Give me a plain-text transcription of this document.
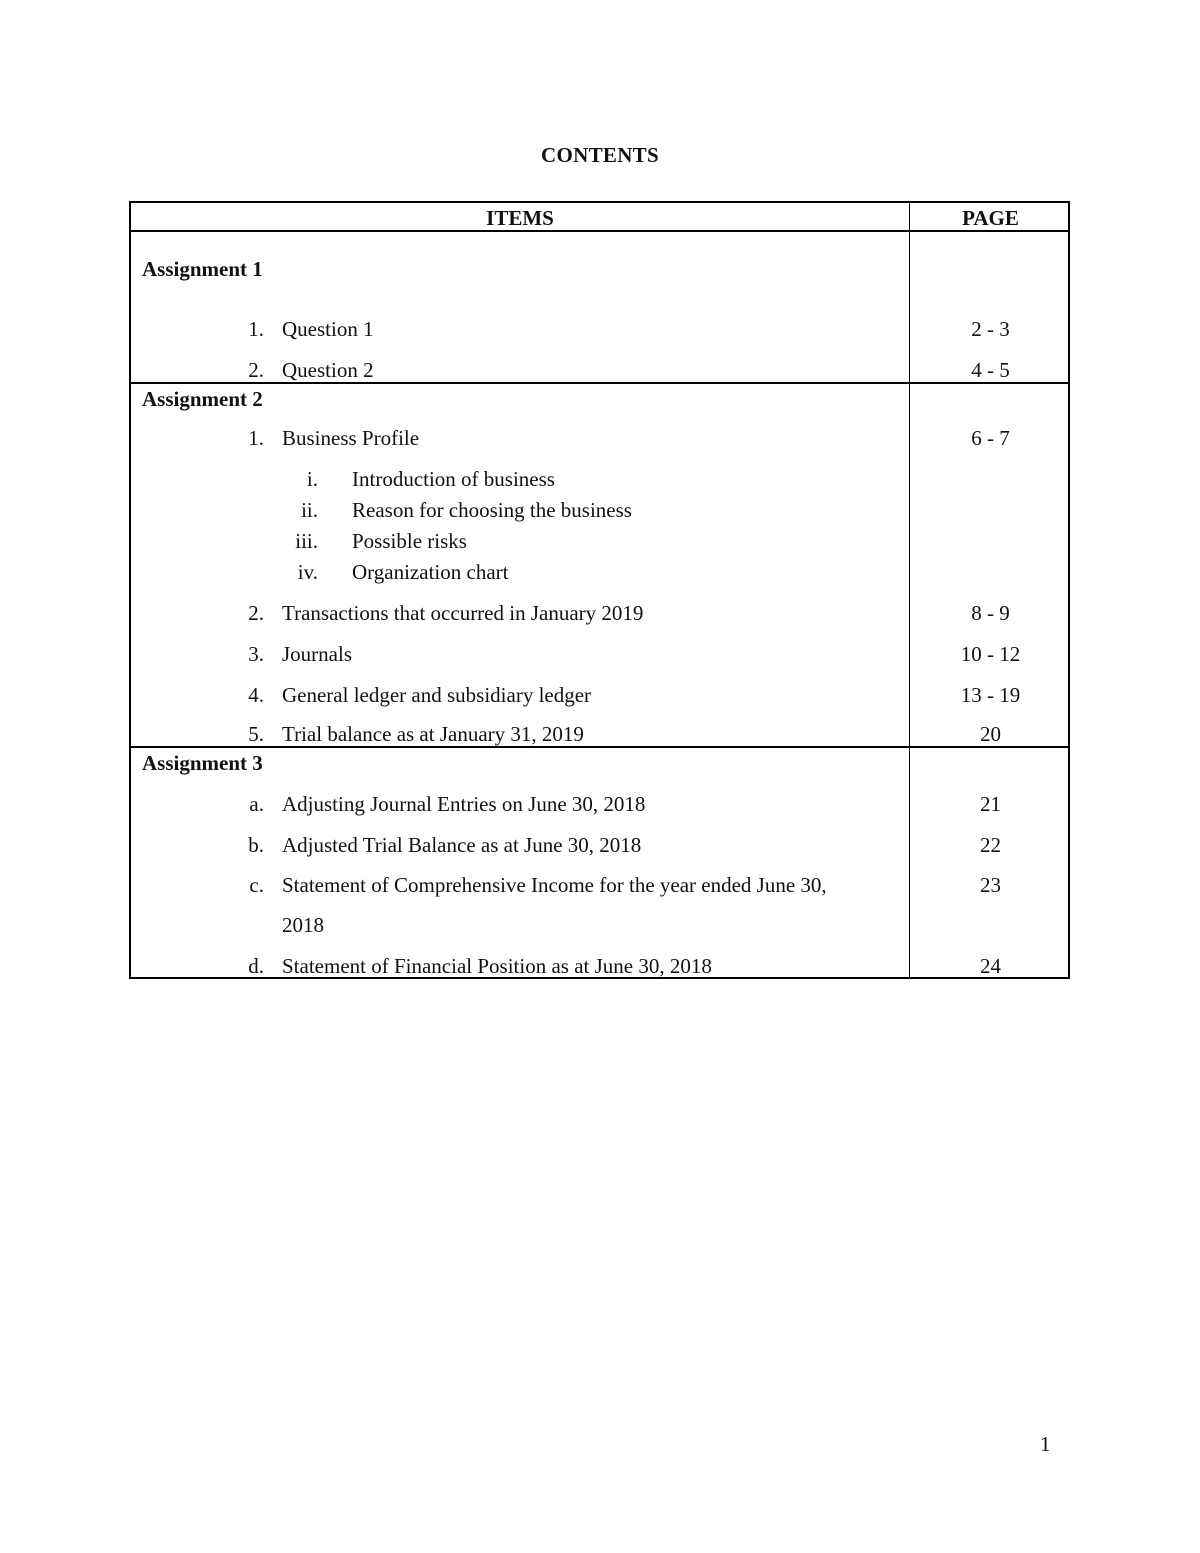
CONTENTS
ITEMS	PAGE
Assignment 1
1. Question 1	2 - 3
2. Question 2	4 - 5
Assignment 2
1. Business Profile	6 - 7
i. Introduction of business
ii. Reason for choosing the business
iii. Possible risks
iv. Organization chart
2. Transactions that occurred in January 2019	8 - 9
3. Journals	10 - 12
4. General ledger and subsidiary ledger	13 - 19
5. Trial balance as at January 31, 2019	20
Assignment 3
a. Adjusting Journal Entries on June 30, 2018	21
b. Adjusted Trial Balance as at June 30, 2018	22
c. Statement of Comprehensive Income for the year ended June 30,	23
2018
d. Statement of Financial Position as at June 30, 2018	24
1
